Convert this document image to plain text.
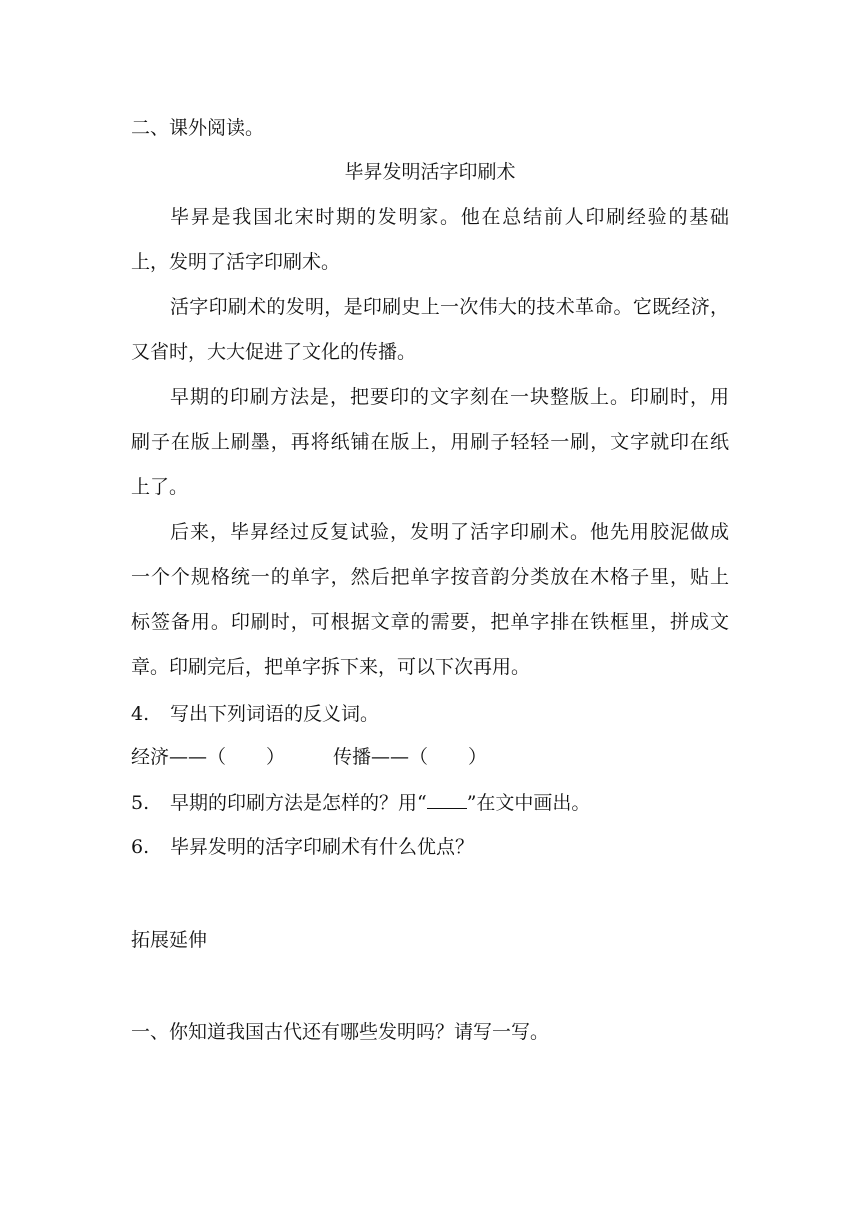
二、课外阅读。
毕昇发明活字印刷术
毕昇是我国北宋时期的发明家。他在总结前人印刷经验的基础
上，发明了活字印刷术。
活字印刷术的发明，是印刷史上一次伟大的技术革命。它既经济，
又省时，大大促进了文化的传播。
早期的印刷方法是，把要印的文字刻在一块整版上。印刷时，用
刷子在版上刷墨，再将纸铺在版上，用刷子轻轻一刷，文字就印在纸
上了。
后来，毕昇经过反复试验，发明了活字印刷术。他先用胶泥做成
一个个规格统一的单字，然后把单字按音韵分类放在木格子里，贴上
标签备用。印刷时，可根据文章的需要，把单字排在铁框里，拼成文
章。印刷完后，把单字拆下来，可以下次再用。
4. 写出下列词语的反义词。
经济——（ ）	传播——（ ）
5. 早期的印刷方法是怎样的？用“ ”在文中画出。
6. 毕昇发明的活字印刷术有什么优点？
拓展延伸
一、你知道我国古代还有哪些发明吗？请写一写。
